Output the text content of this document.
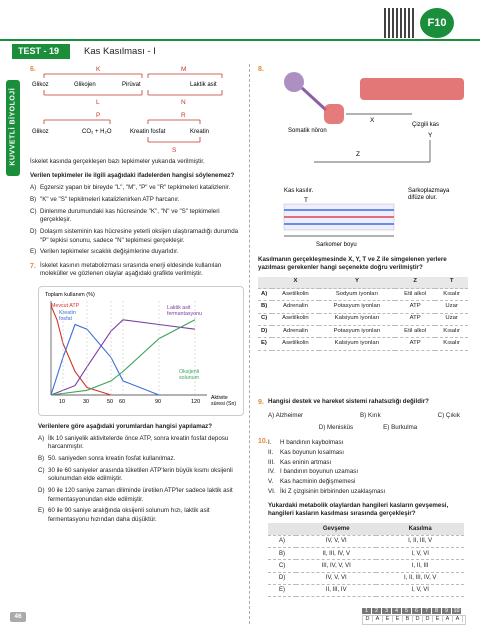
TEST - 19	Kas Kasılması - I
F10
KUVVETLİ BİYOLOJİ
6.	K	M
Glikoz	Glikojen	Pirüvat	Laktik asit
L	N
P	R
Glikoz	CO₂ + H₂O	Kreatin fosfat	Kreatin
S
İskelet kasında gerçekleşen bazı tepkimeler yukarıda verilmiştir.
Verilen tepkimeler ile ilgili aşağıdaki ifadelerden hangisi söylenemez?
A) Egzersiz yapan bir bireyde "L", "M", "P" ve "R" tepkimeleri katalizlenir.
B) "K" ve "S" tepkilmeleri katalizlenirken ATP harcanır.
C) Dinlenme durumundaki kas hücresinde "K", "N" ve "S" tepkimeleri gerçekleşir.
D) Dolaşım sisteminin kas hücresine yeterli oksijen ulaştıramadığı durumda "P" tepkisi sonunu, sadece "N" tepkimesi gerçekleşir.
E) Verilen tepkimeler sıcaklık değişimlerine duyarlıdır.
7. İskelet kasının metabolizması sırasında enerji eldesinde kullanılan moleküller ve gözlenen olaylar aşağıdaki grafikte verilmiştir.
Toplam kullanım (%)
10	30	50 60	90	120
Mevcut ATP
Kreatin
fosfat
Laktik asit
fermantasyonu
Oksijenli
solunum
Aktivite
süresi (Sn)
Verilenlere göre aşağıdaki yorumlardan hangisi yapılamaz?
A) İlk 10 saniyelik aktivitelerde önce ATP, sonra kreatin fosfat deposu harcanmıştır.
B) 50. saniyeden sonra kreatin fosfat kullanılmaz.
C) 30 ile 60 saniyeler arasında tüketilen ATP'lerin büyük kısmı oksijenli solunumdan elde edilmiştir.
D) 90 ile 120 saniye zaman diliminde üretilen ATP'ler sadece laktik asit fermentasyonundan elde edilmiştir.
E) 60 ile 90 saniye aralığında oksijenli solunum hızı, laktik asit fermentasyonu hızından daha düşüktür.
8.
Somatik nöron
Çizgili kas
X
Y
Z
Kas kasılır.	Sarkoplazmaya
difüze olur.
T
Sarkomer boyu
Kasılmanın gerçekleşmesinde X, Y, T ve Z ile simgelenen yerlere yazılması gerekenler hangi seçenekte doğru verilmiştir?
	X	Y	Z	T
A)	Asetilkolin	Sodyum iyonları	Etil alkol	Kısalır
B)	Adrenalin	Potasyum iyonları	ATP	Uzar
C)	Asetilkolin	Kalsiyum iyonları	ATP	Uzar
D)	Adrenalin	Potasyum iyonları	Etil alkol	Kısalır
E)	Asetilkolin	Kalsiyum iyonları	ATP	Kısalır
9. Hangisi destek ve hareket sistemi rahatsızlığı değildir?
A) Alzheimer	B) Kırık	C) Çıkık
D) Menisküs	E) Burkulma
10. I.	H bandının kaybolması
II.	Kas boyunun kısalması
III. Kas eninin artması
IV. I bandının boyunun uzaması
V.	Kas hacminin değişmemesi
VI. İki Z çizgisinin birbirinden uzaklaşması
Yukardaki metabolik olaylardan hangileri kasların gevşemesi, hangileri kasların kasılması sırasında gerçekleşir?
	Gevşeme	Kasılma
A)	IV, V, VI	I, II, III, V
B)	II, III, IV, V	I, V, VI
C)	III, IV, V, VI	I, II, III
D)	IV, V, VI	I, II, III, IV, V
E)	II, III, IV	I, V, VI
1 2 3 4 5 6 7 8 9 10
D A E E B D D E A A
46
